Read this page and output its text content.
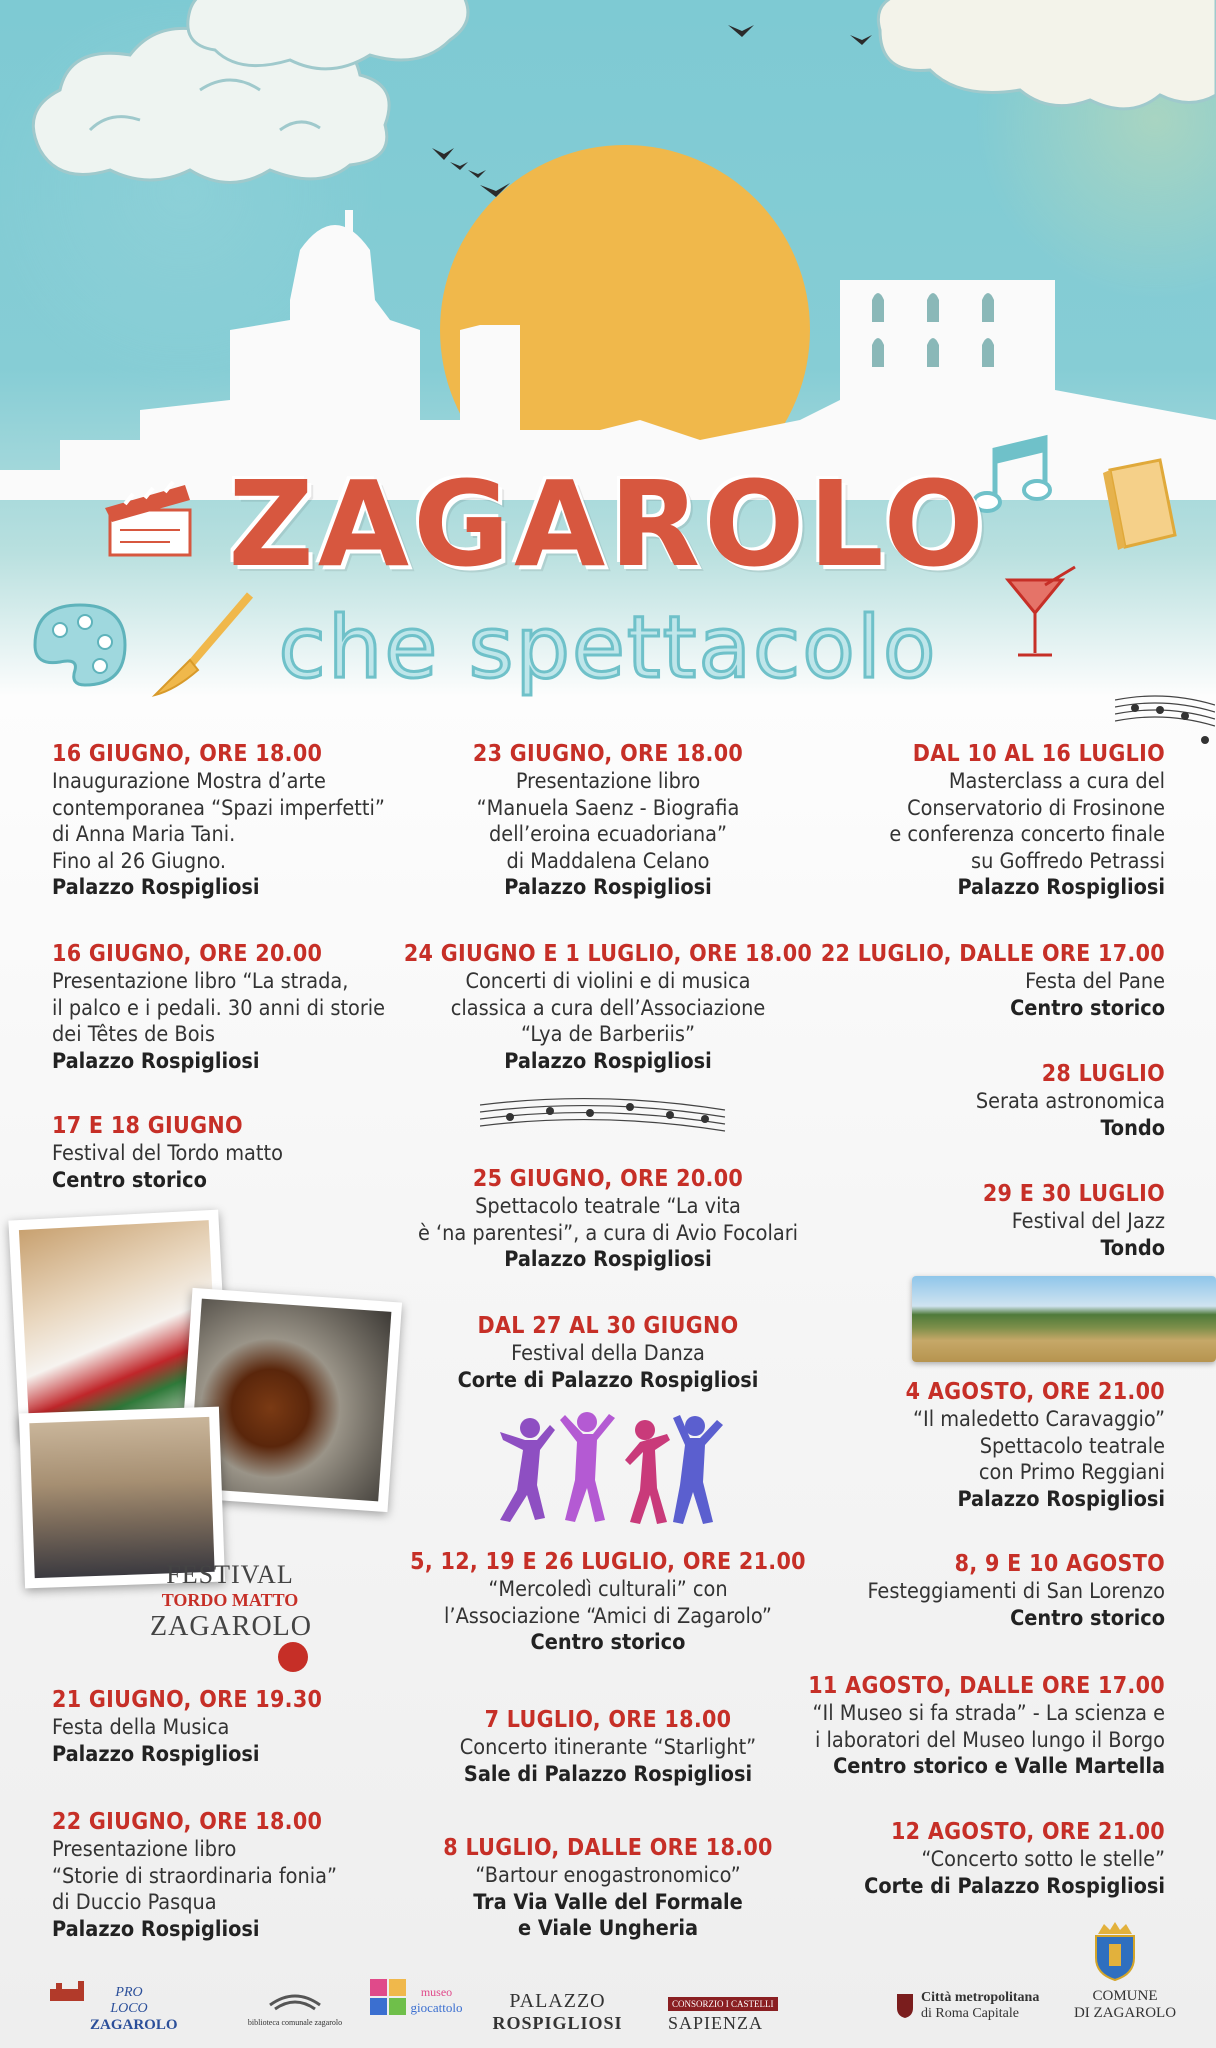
ZAGAROLO
che spettacolo
16 GIUGNO, ORE 18.00
Inaugurazione Mostra d’arte
contemporanea “Spazi imperfetti”
di Anna Maria Tani.
Fino al 26 Giugno.
Palazzo Rospigliosi
16 GIUGNO, ORE 20.00
Presentazione libro “La strada,
il palco e i pedali. 30 anni di storie
dei Têtes de Bois
Palazzo Rospigliosi
17 E 18 GIUGNO
Festival del Tordo matto
Centro storico
FESTIVAL
TORDO MATTO
ZAGAROLO
21 GIUGNO, ORE 19.30
Festa della Musica
Palazzo Rospigliosi
22 GIUGNO, ORE 18.00
Presentazione libro
“Storie di straordinaria fonia”
di Duccio Pasqua
Palazzo Rospigliosi
23 GIUGNO, ORE 18.00
Presentazione libro
“Manuela Saenz - Biografia
dell’eroina ecuadoriana”
di Maddalena Celano
Palazzo Rospigliosi
24 GIUGNO E 1 LUGLIO, ORE 18.00
Concerti di violini e di musica
classica a cura dell’Associazione
“Lya de Barberiis”
Palazzo Rospigliosi
25 GIUGNO, ORE 20.00
Spettacolo teatrale “La vita
è ‘na parentesi”, a cura di Avio Focolari
Palazzo Rospigliosi
DAL 27 AL 30 GIUGNO
Festival della Danza
Corte di Palazzo Rospigliosi
5, 12, 19 E 26 LUGLIO, ORE 21.00
“Mercoledì culturali” con
l’Associazione “Amici di Zagarolo”
Centro storico
7 LUGLIO, ORE 18.00
Concerto itinerante “Starlight”
Sale di Palazzo Rospigliosi
8 LUGLIO, DALLE ORE 18.00
“Bartour enogastronomico”
Tra Via Valle del Formale
e Viale Ungheria
DAL 10 AL 16 LUGLIO
Masterclass a cura del
Conservatorio di Frosinone
e conferenza concerto finale
su Goffredo Petrassi
Palazzo Rospigliosi
22 LUGLIO, DALLE ORE 17.00
Festa del Pane
Centro storico
28 LUGLIO
Serata astronomica
Tondo
29 E 30 LUGLIO
Festival del Jazz
Tondo
4 AGOSTO, ORE 21.00
“Il maledetto Caravaggio”
Spettacolo teatrale
con Primo Reggiani
Palazzo Rospigliosi
8, 9 E 10 AGOSTO
Festeggiamenti di San Lorenzo
Centro storico
11 AGOSTO, DALLE ORE 17.00
“Il Museo si fa strada” - La scienza e
i laboratori del Museo lungo il Borgo
Centro storico e Valle Martella
12 AGOSTO, ORE 21.00
“Concerto sotto le stelle”
Corte di Palazzo Rospigliosi
PRO LOCO
ZAGAROLO	biblioteca comunale zagarolo
museo
giocattolo	PALAZZO
ROSPIGLIOSI
CONSORZIO I CASTELLI SAPIENZA
Città metropolitana
di Roma Capitale
COMUNE
DI ZAGAROLO
